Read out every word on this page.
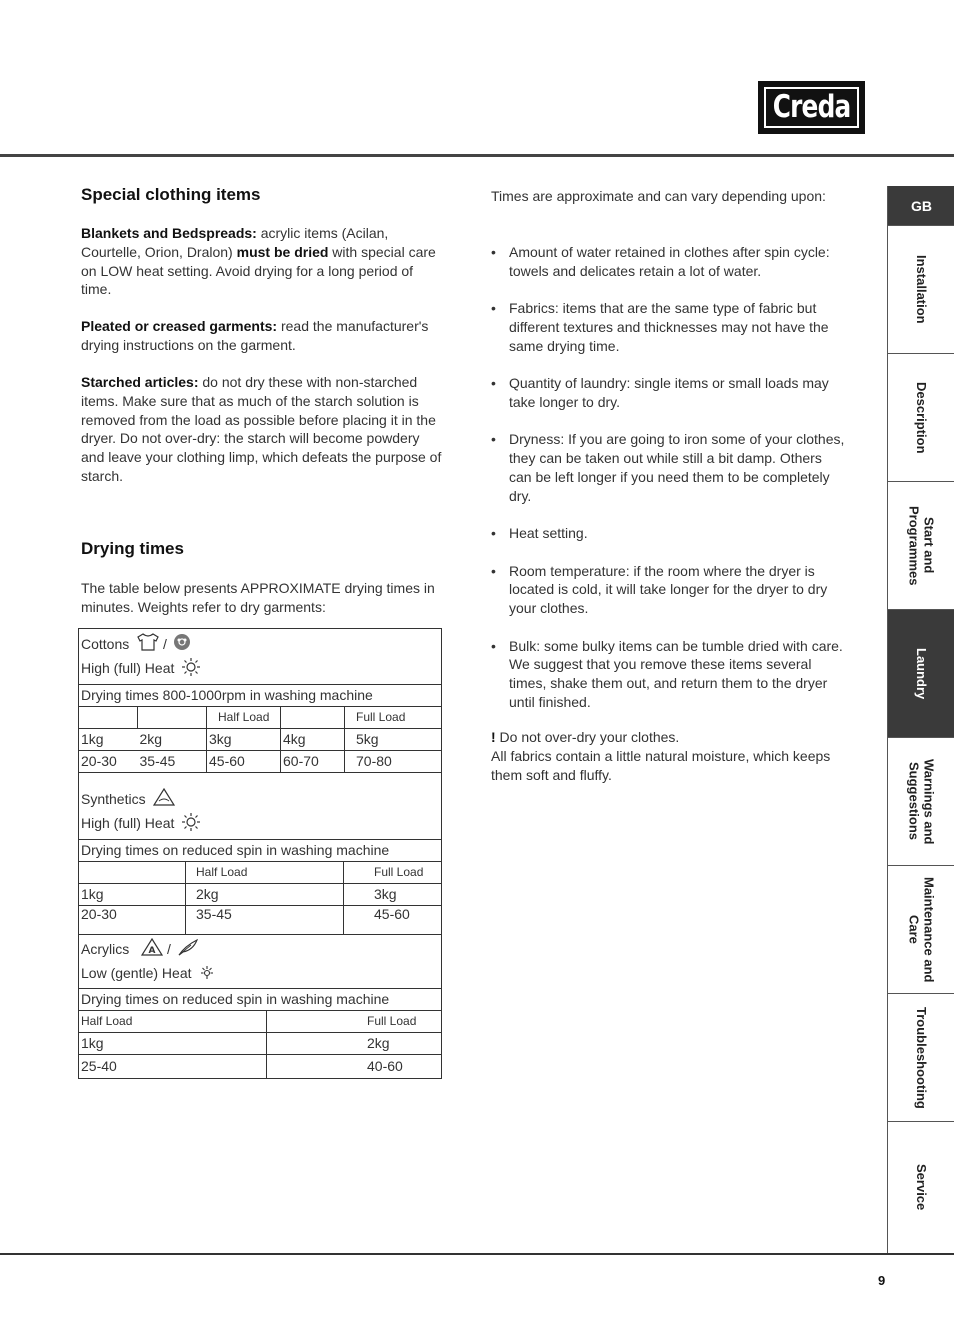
Creda
GB
Installation
Description
Start and
Programmes
Laundry
Warnings and
Suggestions
Maintenance and
Care
Troubleshooting
Service
Special clothing items

Blankets and Bedspreads: acrylic items (Acilan, Courtelle, Orion, Dralon) must be dried with special care on LOW heat setting. Avoid drying for a long period of time.

Pleated or creased garments: read the manufacturer's drying instructions on the garment.

Starched articles: do not dry these with non-starched items. Make sure that as much of the starch solution is removed from the load as possible before placing it in the dryer. Do not over-dry: the starch will become powdery and leave your clothing limp, which defeats the purpose of starch.

Drying times

The table below presents APPROXIMATE drying times in minutes. Weights refer to dry garments:

Cottons /
High (full) Heat				
Drying times 800-1000rpm in washing machine				
		Half Load		Full Load
1kg	2kg	3kg	4kg	5kg
20-30	35-45	45-60	60-70	70-80
Synthetics
High (full) Heat		
Drying times on reduced spin in washing machine		
	Half Load	Full Load
1kg	2kg	3kg
20-30	35-45	45-60
Acrylics A /
Low (gentle) Heat	
Drying times on reduced spin in washing machine	
Half Load	Full Load
1kg	2kg
25-40	40-60

Times are approximate and can vary depending upon:

• Amount of water retained in clothes after spin cycle: towels and delicates retain a lot of water.
• Fabrics: items that are the same type of fabric but different textures and thicknesses may not have the same drying time.
• Quantity of laundry: single items or small loads may take longer to dry.
• Dryness: If you are going to iron some of your clothes, they can be taken out while still a bit damp. Others can be left longer if you need them to be completely dry.
• Heat setting.
• Room temperature: if the room where the dryer is located is cold, it will take longer for the dryer to dry your clothes.
• Bulk: some bulky items can be tumble dried with care. We suggest that you remove these items several times, shake them out, and return them to the dryer until finished.

! Do not over-dry your clothes.
All fabrics contain a little natural moisture, which keeps them soft and fluffy.

9
